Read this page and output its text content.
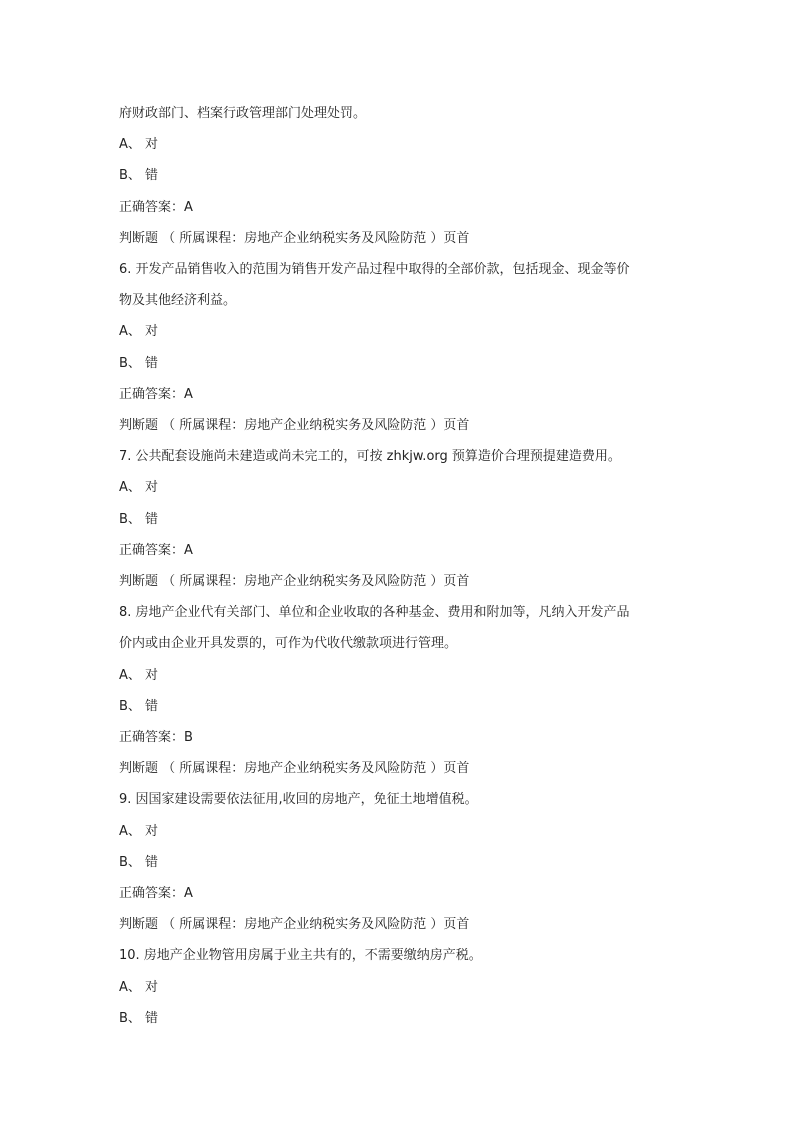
府财政部门、档案行政管理部门处理处罚。

A、 对

B、 错

正确答案：A

判断题 （ 所属课程：房地产企业纳税实务及风险防范 ）页首

6. 开发产品销售收入的范围为销售开发产品过程中取得的全部价款，包括现金、现金等价

物及其他经济利益。

A、 对

B、 错

正确答案：A

判断题 （ 所属课程：房地产企业纳税实务及风险防范 ）页首

7. 公共配套设施尚未建造或尚未完工的，可按 zhkjw.org 预算造价合理预提建造费用。

A、 对

B、 错

正确答案：A

判断题 （ 所属课程：房地产企业纳税实务及风险防范 ）页首

8. 房地产企业代有关部门、单位和企业收取的各种基金、费用和附加等，凡纳入开发产品

价内或由企业开具发票的，可作为代收代缴款项进行管理。

A、 对

B、 错

正确答案：B

判断题 （ 所属课程：房地产企业纳税实务及风险防范 ）页首

9. 因国家建设需要依法征用,收回的房地产，免征土地增值税。

A、 对

B、 错

正确答案：A

判断题 （ 所属课程：房地产企业纳税实务及风险防范 ）页首

10. 房地产企业物管用房属于业主共有的，不需要缴纳房产税。

A、 对

B、 错
